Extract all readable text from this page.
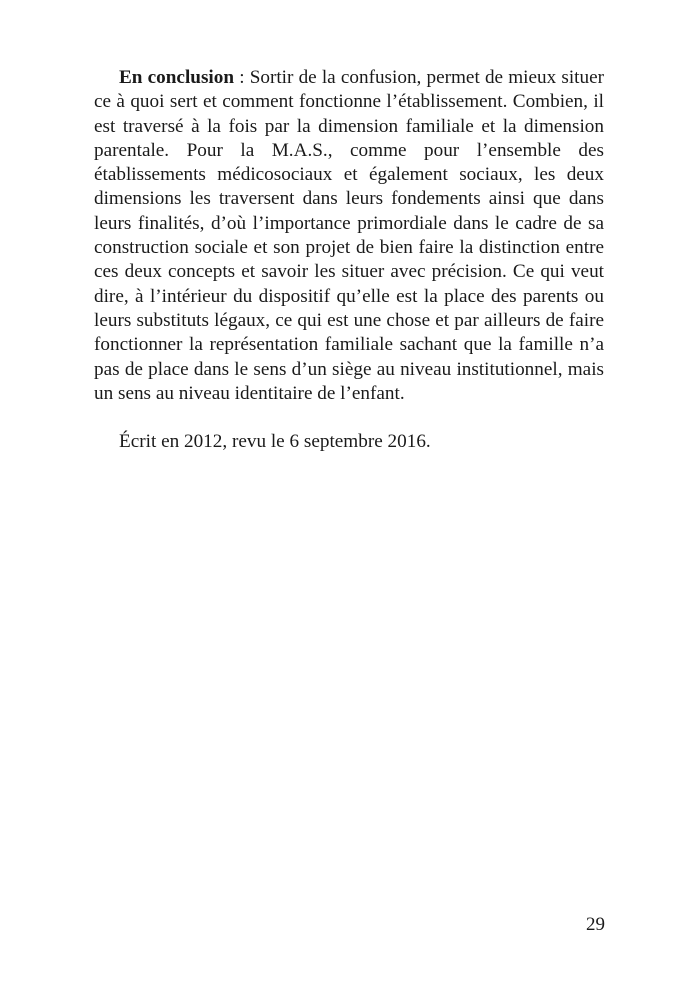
En conclusion : Sortir de la confusion, permet de mieux situer ce à quoi sert et comment fonctionne l’établissement. Combien, il est traversé à la fois par la dimension familiale et la dimension parentale. Pour la M.A.S., comme pour l’ensemble des établissements médicosociaux et également sociaux, les deux dimensions les traversent dans leurs fondements ainsi que dans leurs finalités, d’où l’importance primordiale dans le cadre de sa construction sociale et son projet de bien faire la distinction entre ces deux concepts et savoir les situer avec précision. Ce qui veut dire, à l’intérieur du dispositif qu’elle est la place des parents ou leurs substituts légaux, ce qui est une chose et par ailleurs de faire fonctionner la représentation familiale sachant que la famille n’a pas de place dans le sens d’un siège au niveau institutionnel, mais un sens au niveau identitaire de l’enfant.

Écrit en 2012, revu le 6 septembre 2016.

29
